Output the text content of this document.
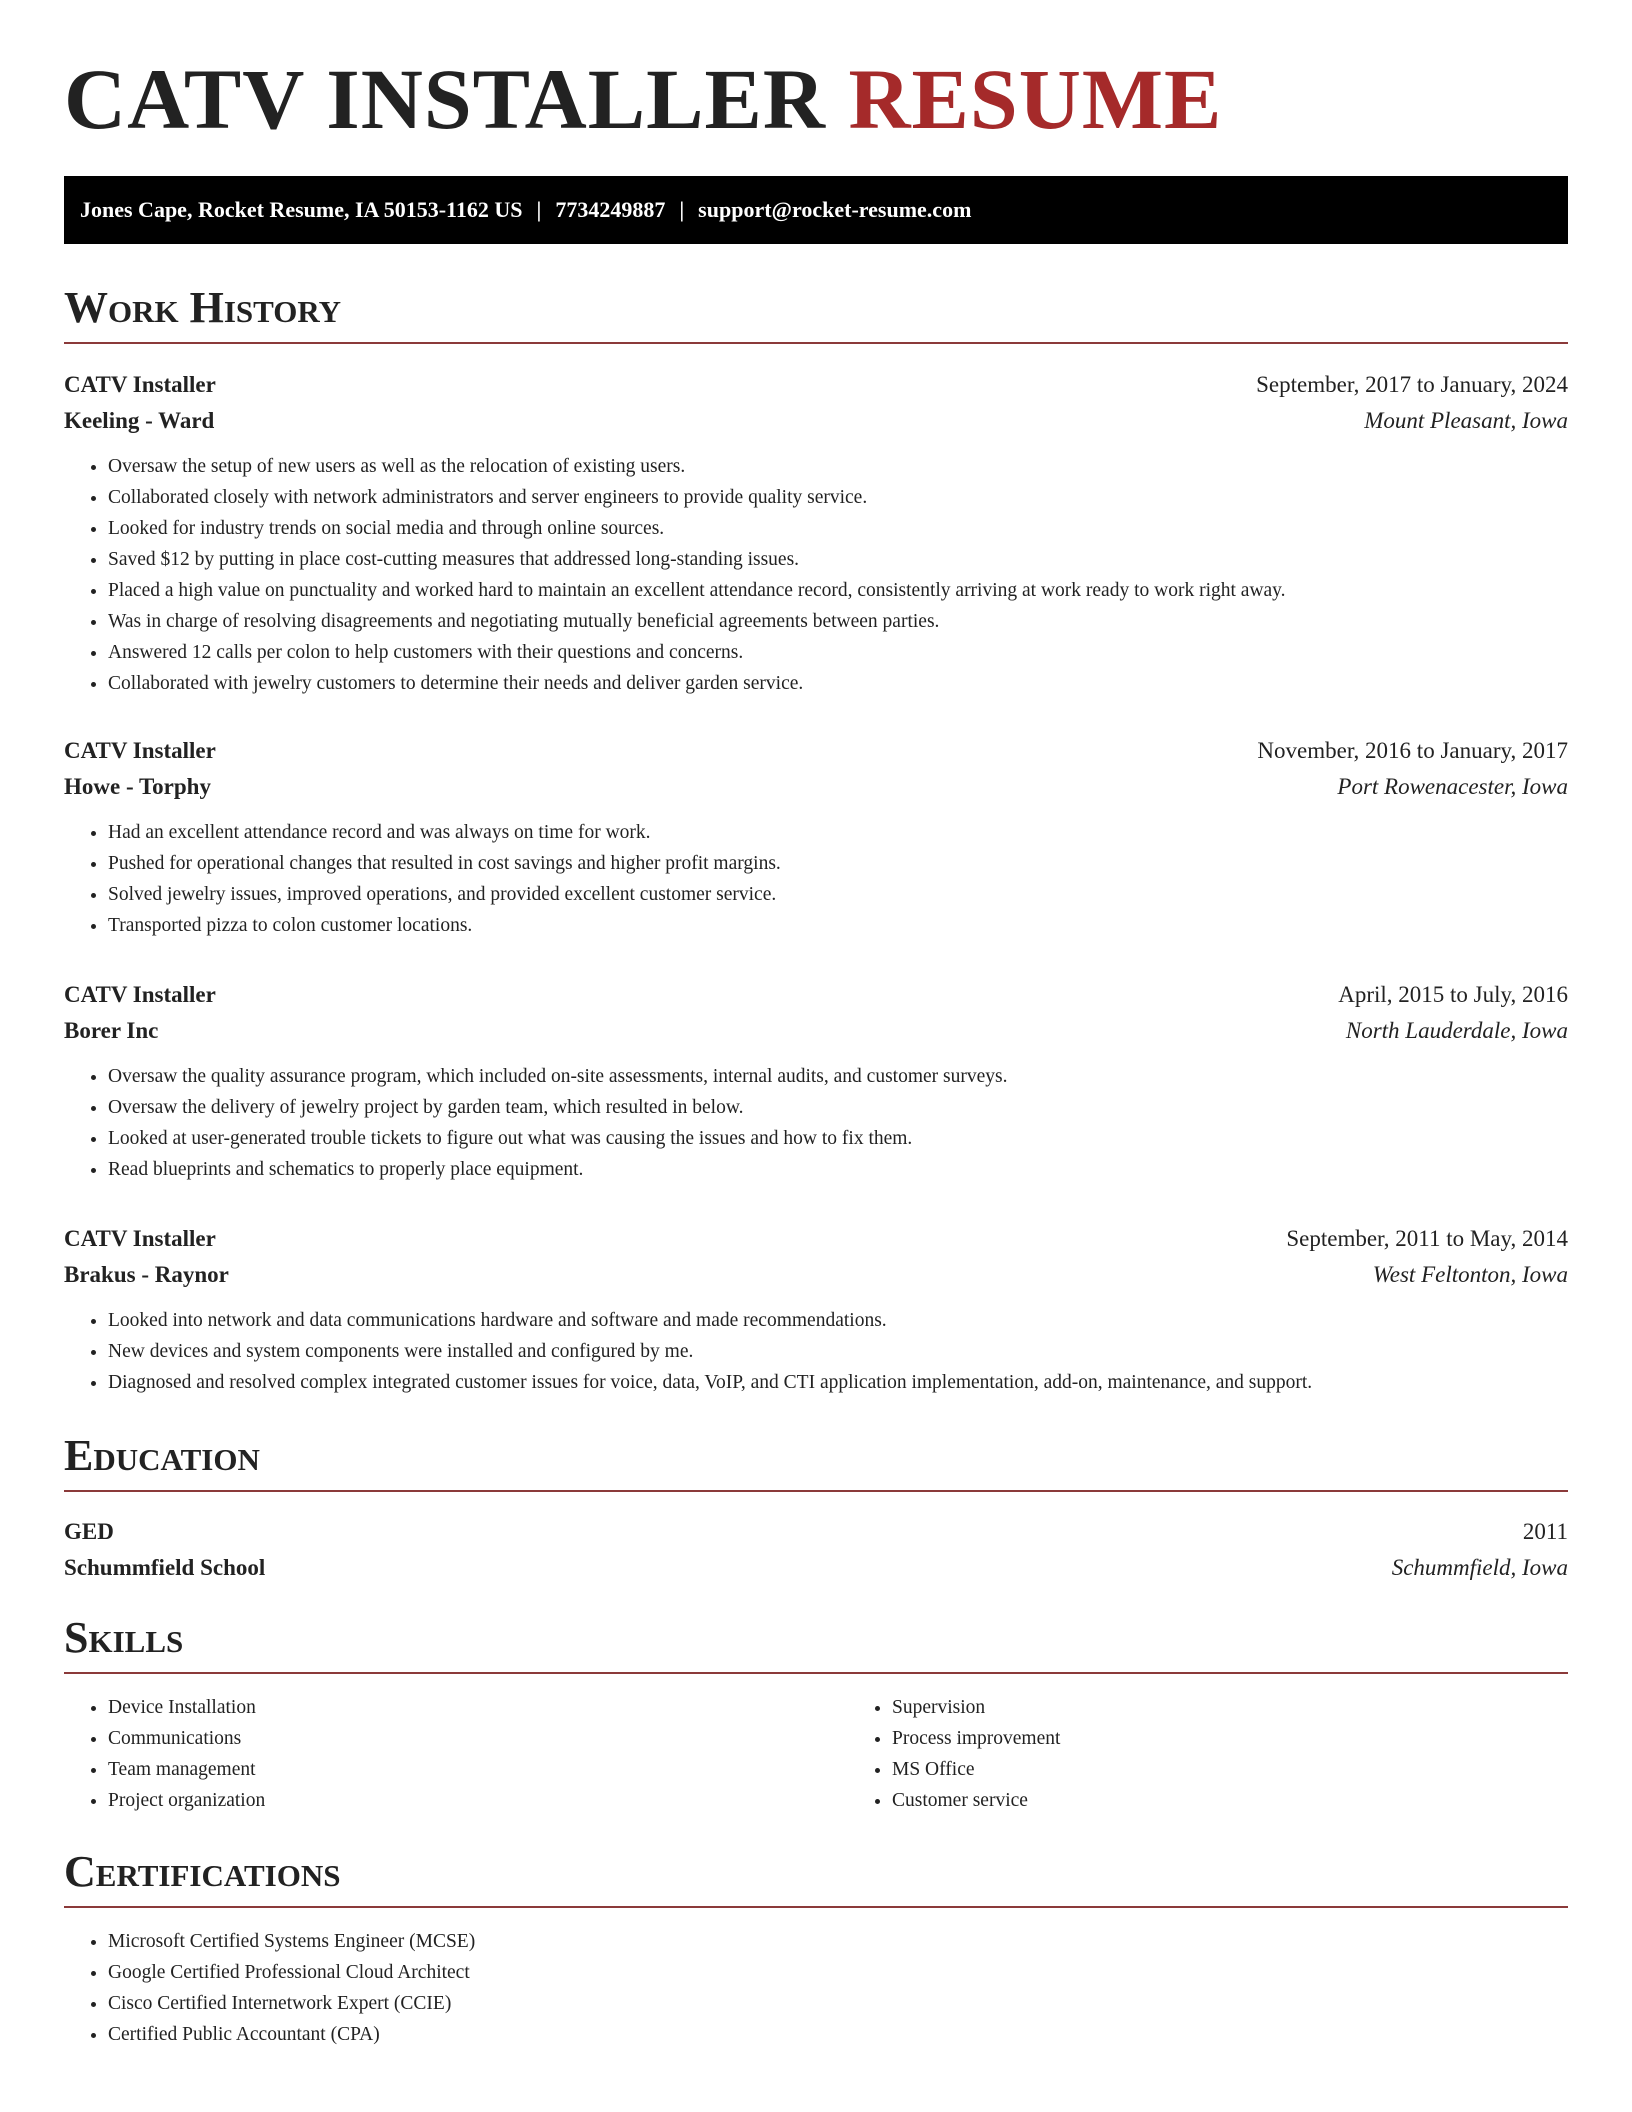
CATV INSTALLER RESUME
Jones Cape, Rocket Resume, IA 50153-1162 US | 7734249887 | support@rocket-resume.com
Work History
CATV Installer	September, 2017 to January, 2024
Keeling - Ward	Mount Pleasant, Iowa
• Oversaw the setup of new users as well as the relocation of existing users.
• Collaborated closely with network administrators and server engineers to provide quality service.
• Looked for industry trends on social media and through online sources.
• Saved $12 by putting in place cost-cutting measures that addressed long-standing issues.
• Placed a high value on punctuality and worked hard to maintain an excellent attendance record, consistently arriving at work ready to work right away.
• Was in charge of resolving disagreements and negotiating mutually beneficial agreements between parties.
• Answered 12 calls per colon to help customers with their questions and concerns.
• Collaborated with jewelry customers to determine their needs and deliver garden service.
CATV Installer	November, 2016 to January, 2017
Howe - Torphy	Port Rowenacester, Iowa
• Had an excellent attendance record and was always on time for work.
• Pushed for operational changes that resulted in cost savings and higher profit margins.
• Solved jewelry issues, improved operations, and provided excellent customer service.
• Transported pizza to colon customer locations.
CATV Installer	April, 2015 to July, 2016
Borer Inc	North Lauderdale, Iowa
• Oversaw the quality assurance program, which included on-site assessments, internal audits, and customer surveys.
• Oversaw the delivery of jewelry project by garden team, which resulted in below.
• Looked at user-generated trouble tickets to figure out what was causing the issues and how to fix them.
• Read blueprints and schematics to properly place equipment.
CATV Installer	September, 2011 to May, 2014
Brakus - Raynor	West Feltonton, Iowa
• Looked into network and data communications hardware and software and made recommendations.
• New devices and system components were installed and configured by me.
• Diagnosed and resolved complex integrated customer issues for voice, data, VoIP, and CTI application implementation, add-on, maintenance, and support.
Education
GED	2011
Schummfield School	Schummfield, Iowa
Skills
• Device Installation
• Communications
• Team management
• Project organization
• Supervision
• Process improvement
• MS Office
• Customer service
Certifications
• Microsoft Certified Systems Engineer (MCSE)
• Google Certified Professional Cloud Architect
• Cisco Certified Internetwork Expert (CCIE)
• Certified Public Accountant (CPA)
